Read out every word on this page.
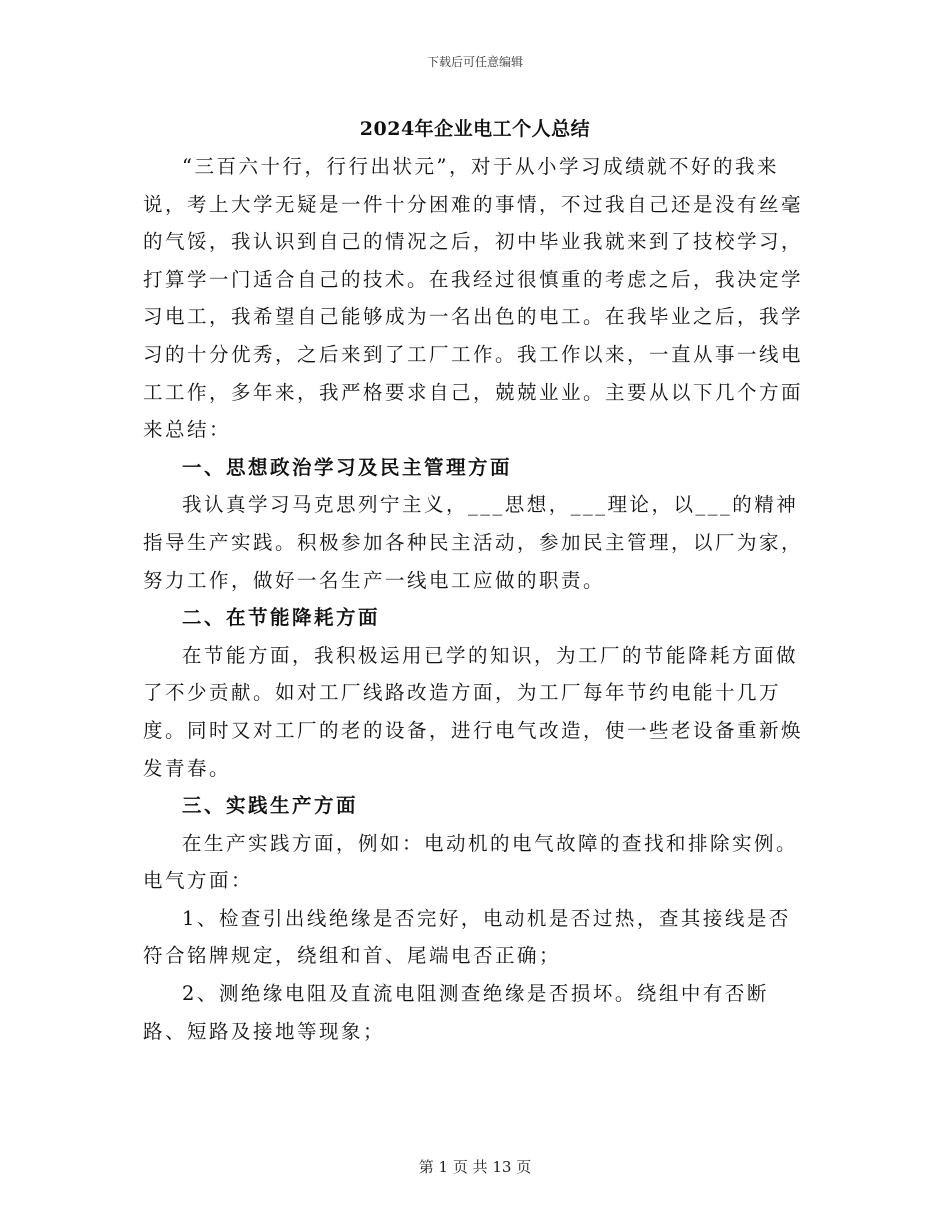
下载后可任意编辑
2024年企业电工个人总结

“三百六十行，行行出状元”，对于从小学习成绩就不好的我来说，考上大学无疑是一件十分困难的事情，不过我自己还是没有丝毫的气馁，我认识到自己的情况之后，初中毕业我就来到了技校学习，打算学一门适合自己的技术。在我经过很慎重的考虑之后，我决定学习电工，我希望自己能够成为一名出色的电工。在我毕业之后，我学习的十分优秀，之后来到了工厂工作。我工作以来，一直从事一线电工工作，多年来，我严格要求自己，兢兢业业。主要从以下几个方面来总结：

一、思想政治学习及民主管理方面

我认真学习马克思列宁主义，___思想，___理论，以___的精神指导生产实践。积极参加各种民主活动，参加民主管理，以厂为家，努力工作，做好一名生产一线电工应做的职责。

二、在节能降耗方面

在节能方面，我积极运用已学的知识，为工厂的节能降耗方面做了不少贡献。如对工厂线路改造方面，为工厂每年节约电能十几万度。同时又对工厂的老的设备，进行电气改造，使一些老设备重新焕发青春。

三、实践生产方面

在生产实践方面，例如：电动机的电气故障的查找和排除实例。电气方面：

1、检查引出线绝缘是否完好，电动机是否过热，查其接线是否符合铭牌规定，绕组和首、尾端电否正确；

2、测绝缘电阻及直流电阻测查绝缘是否损坏。绕组中有否断路、短路及接地等现象；

第 1 页 共 13 页
